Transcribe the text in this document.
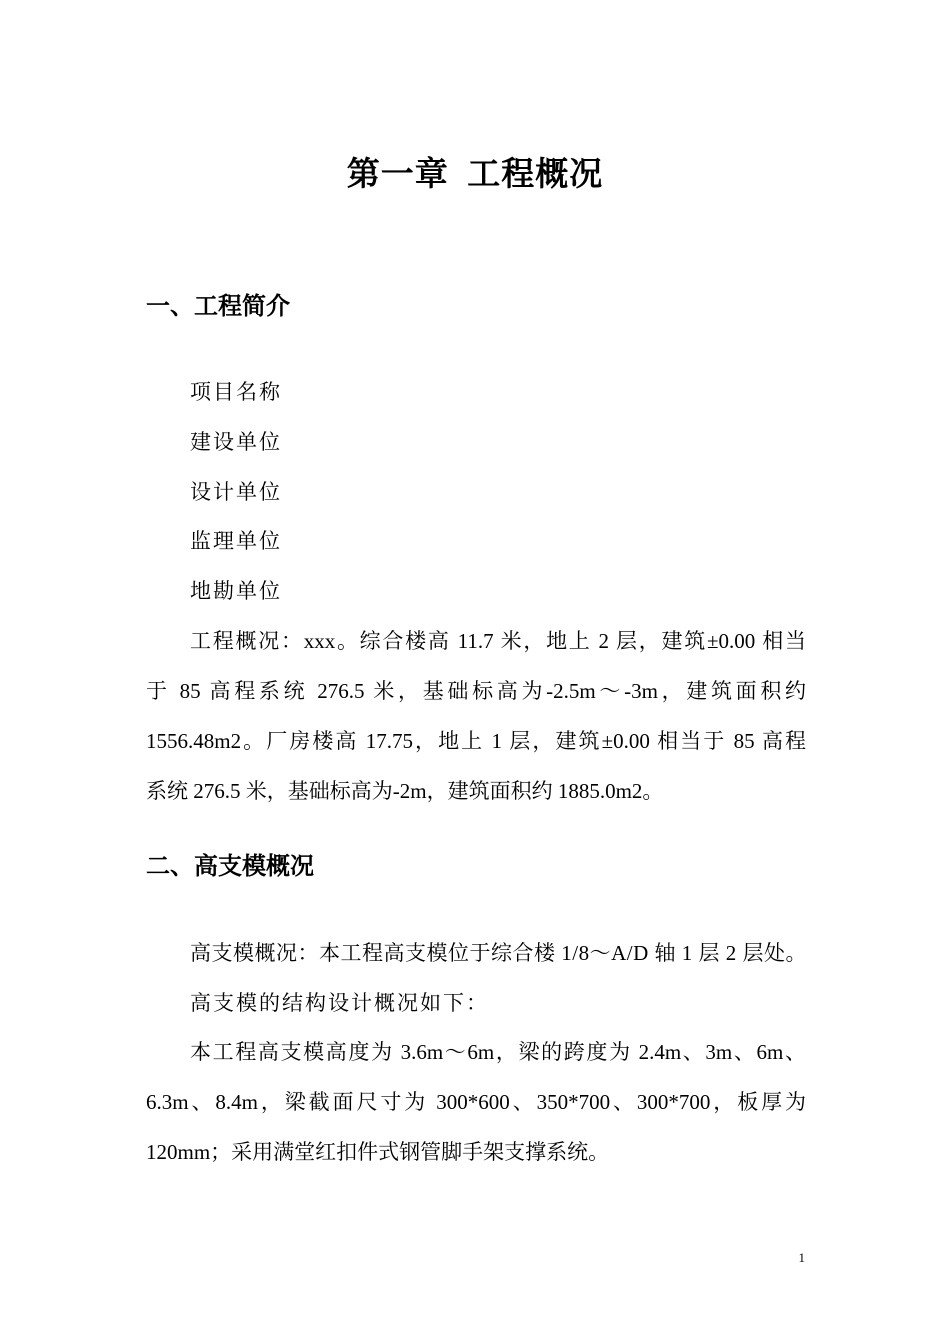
第一章  工程概况
一、工程简介
项目名称
建设单位
设计单位
监理单位
地勘单位
工程概况：xxx。综合楼高 11.7 米，地上 2 层，建筑±0.00 相当
于 85 高程系统 276.5 米，基础标高为-2.5m～-3m，建筑面积约
1556.48m2。厂房楼高 17.75，地上 1 层，建筑±0.00 相当于 85 高程
系统 276.5 米，基础标高为-2m，建筑面积约 1885.0m2。
二、高支模概况
高支模概况：本工程高支模位于综合楼 1/8～A/D 轴 1 层 2 层处。
高支模的结构设计概况如下：
本工程高支模高度为 3.6m～6m，梁的跨度为 2.4m、3m、6m、
6.3m、8.4m，梁截面尺寸为 300*600、350*700、300*700，板厚为
120mm；采用满堂红扣件式钢管脚手架支撑系统。
1
